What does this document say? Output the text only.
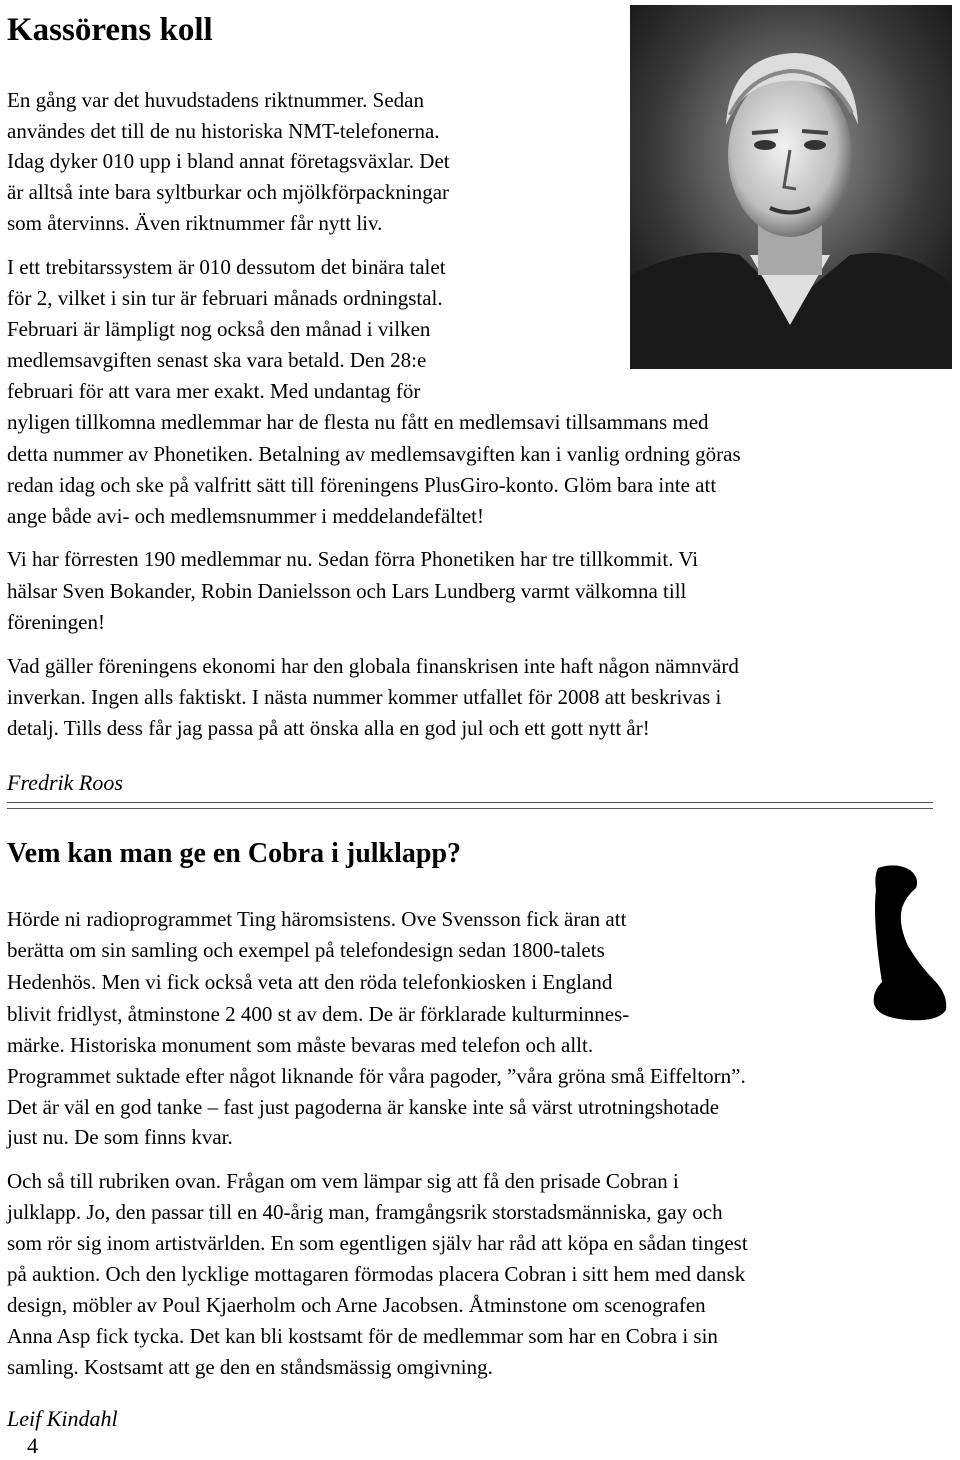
Kassörens koll

En gång var det huvudstadens riktnummer. Sedan

användes det till de nu historiska NMT-telefonerna.

Idag dyker 010 upp i bland annat företagsväxlar. Det

är alltså inte bara syltburkar och mjölkförpackningar

som återvinns. Även riktnummer får nytt liv.

I ett trebitarssystem är 010 dessutom det binära talet

för 2, vilket i sin tur är februari månads ordningstal.

Februari är lämpligt nog också den månad i vilken

medlemsavgiften senast ska vara betald. Den 28:e

februari för att vara mer exakt. Med undantag för

nyligen tillkomna medlemmar har de flesta nu fått en medlemsavi tillsammans med

detta nummer av Phonetiken. Betalning av medlemsavgiften kan i vanlig ordning göras

redan idag och ske på valfritt sätt till föreningens PlusGiro-konto. Glöm bara inte att

ange både avi- och medlemsnummer i meddelandefältet!

Vi har förresten 190 medlemmar nu. Sedan förra Phonetiken har tre tillkommit. Vi

hälsar Sven Bokander, Robin Danielsson och Lars Lundberg varmt välkomna till

föreningen!

Vad gäller föreningens ekonomi har den globala finanskrisen inte haft någon nämnvärd

inverkan. Ingen alls faktiskt. I nästa nummer kommer utfallet för 2008 att beskrivas i

detalj. Tills dess får jag passa på att önska alla en god jul och ett gott nytt år!

Fredrik Roos

Vem kan man ge en Cobra i julklapp?

Hörde ni radioprogrammet Ting häromsistens. Ove Svensson fick äran att

berätta om sin samling och exempel på telefondesign sedan 1800-talets

Hedenhös. Men vi fick också veta att den röda telefonkiosken i England

blivit fridlyst, åtminstone 2 400 st av dem. De är förklarade kulturminnes-

märke. Historiska monument som måste bevaras med telefon och allt.

Programmet suktade efter något liknande för våra pagoder, ”våra gröna små Eiffeltorn”.

Det är väl en god tanke – fast just pagoderna är kanske inte så värst utrotningshotade

just nu. De som finns kvar.

Och så till rubriken ovan. Frågan om vem lämpar sig att få den prisade Cobran i

julklapp. Jo, den passar till en 40-årig man, framgångsrik storstadsmänniska, gay och

som rör sig inom artistvärlden. En som egentligen själv har råd att köpa en sådan tingest

på auktion. Och den lycklige mottagaren förmodas placera Cobran i sitt hem med dansk

design, möbler av Poul Kjaerholm och Arne Jacobsen. Åtminstone om scenografen

Anna Asp fick tycka. Det kan bli kostsamt för de medlemmar som har en Cobra i sin

samling. Kostsamt att ge den en ståndsmässig omgivning.

Leif Kindahl

4
